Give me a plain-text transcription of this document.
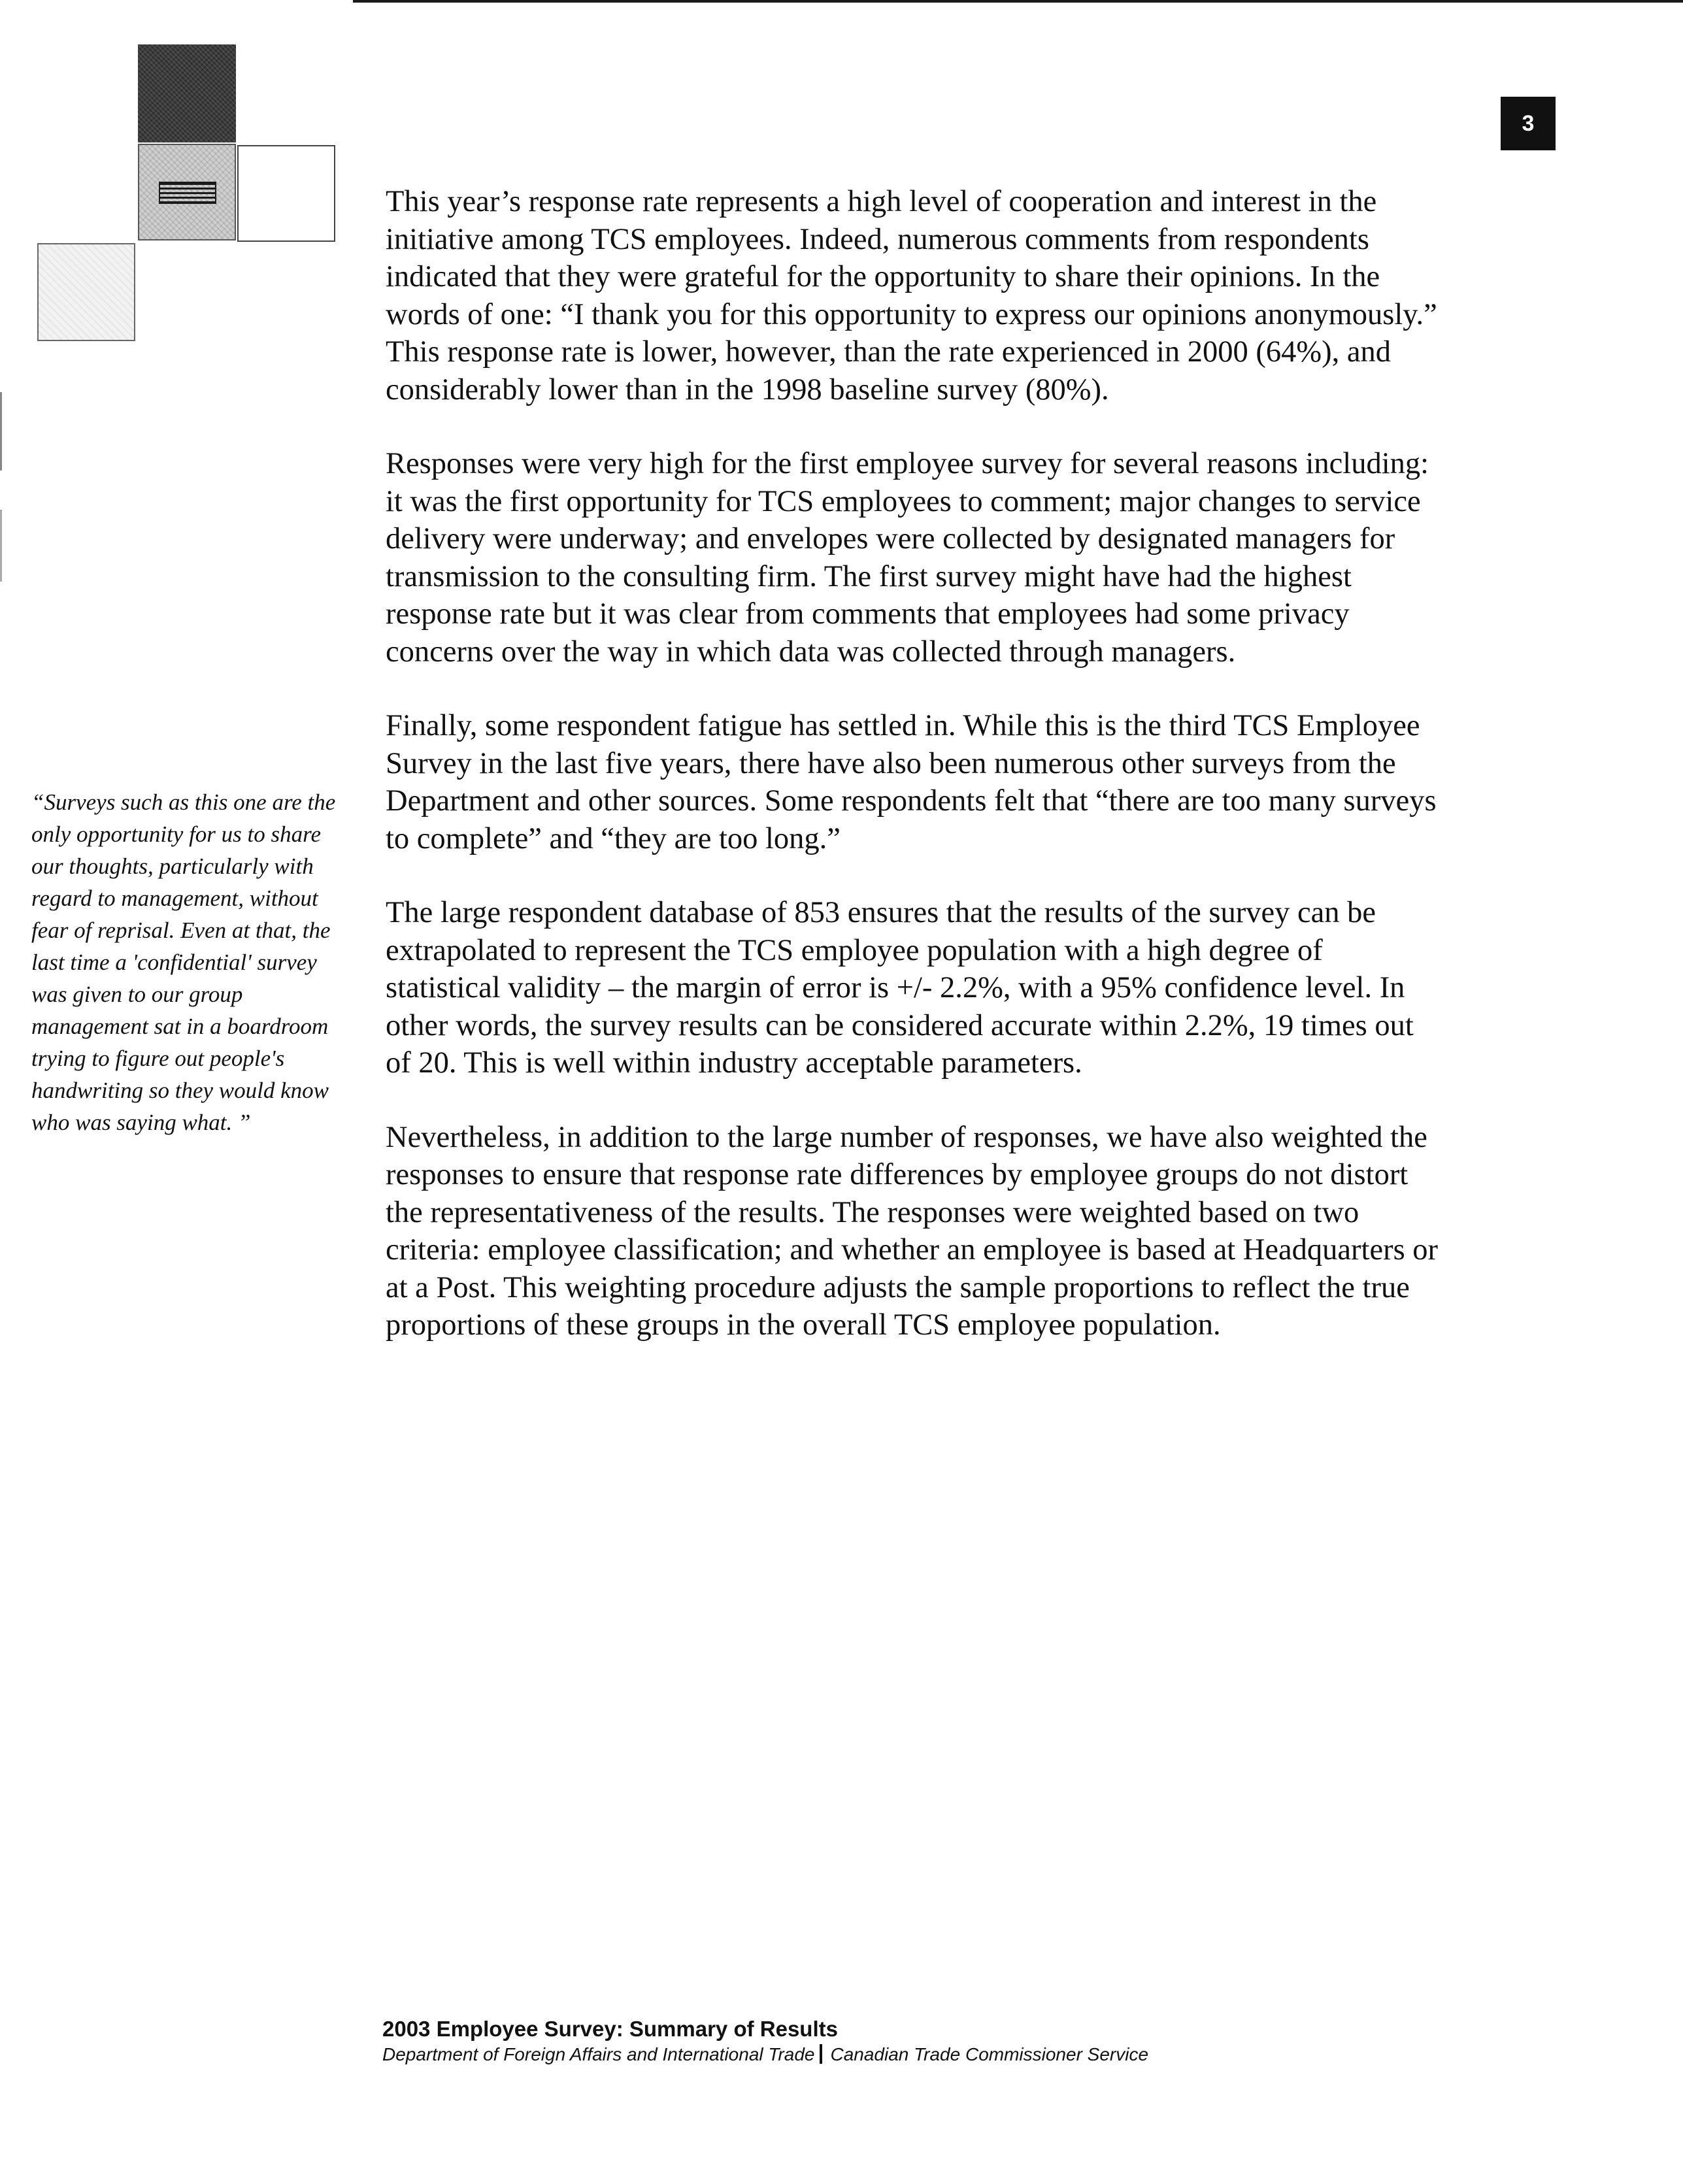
3

This year’s response rate represents a high level of cooperation and interest in the initiative among TCS employees. Indeed, numerous comments from respondents indicated that they were grateful for the opportunity to share their opinions. In the words of one: “I thank you for this opportunity to express our opinions anonymously.” This response rate is lower, however, than the rate experienced in 2000 (64%), and considerably lower than in the 1998 baseline survey (80%).

Responses were very high for the first employee survey for several reasons including: it was the first opportunity for TCS employees to comment; major changes to service delivery were underway; and envelopes were collected by designated managers for transmission to the consulting firm. The first survey might have had the highest response rate but it was clear from comments that employees had some privacy concerns over the way in which data was collected through managers.

Finally, some respondent fatigue has settled in. While this is the third TCS Employee Survey in the last five years, there have also been numerous other surveys from the Department and other sources. Some respondents felt that “there are too many surveys to complete” and “they are too long.”

The large respondent database of 853 ensures that the results of the survey can be extrapolated to represent the TCS employee population with a high degree of statistical validity – the margin of error is +/- 2.2%, with a 95% confidence level. In other words, the survey results can be considered accurate within 2.2%, 19 times out of 20. This is well within industry acceptable parameters.

Nevertheless, in addition to the large number of responses, we have also weighted the responses to ensure that response rate differences by employee groups do not distort the representativeness of the results. The responses were weighted based on two criteria: employee classification; and whether an employee is based at Headquarters or at a Post. This weighting procedure adjusts the sample proportions to reflect the true proportions of these groups in the overall TCS employee population.

“Surveys such as this one are the only opportunity for us to share our thoughts, particularly with regard to management, without fear of reprisal. Even at that, the last time a 'confidential' survey was given to our group management sat in a boardroom trying to figure out people's handwriting so they would know who was saying what. ”

2003 Employee Survey: Summary of Results
Department of Foreign Affairs and International Trade Canadian Trade Commissioner Service
